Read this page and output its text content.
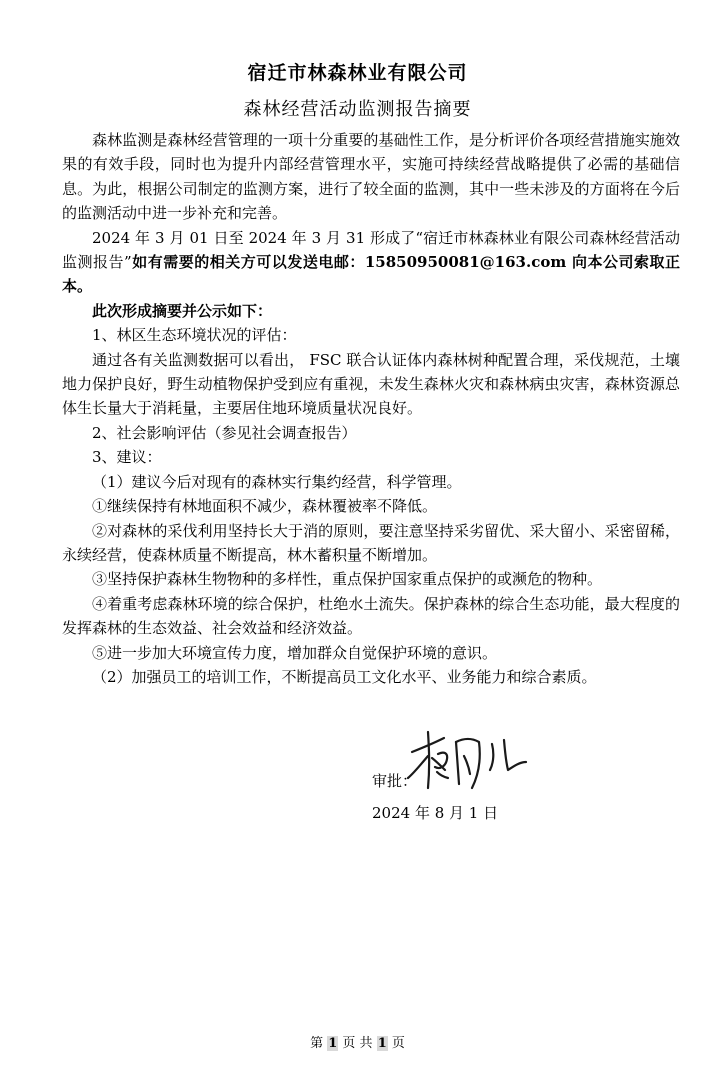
宿迁市林森林业有限公司
森林经营活动监测报告摘要

森林监测是森林经营管理的一项十分重要的基础性工作，是分析评价各项经营措施实施效果的有效手段，同时也为提升内部经营管理水平，实施可持续经营战略提供了必需的基础信息。为此，根据公司制定的监测方案，进行了较全面的监测，其中一些未涉及的方面将在今后的监测活动中进一步补充和完善。

2024 年 3 月 01 日至 2024 年 3 月 31 形成了“宿迁市林森林业有限公司森林经营活动监测报告”如有需要的相关方可以发送电邮：15850950081@163.com 向本公司索取正本。

此次形成摘要并公示如下：

1、林区生态环境状况的评估：

通过各有关监测数据可以看出， FSC 联合认证体内森林树种配置合理，采伐规范，土壤地力保护良好，野生动植物保护受到应有重视，未发生森林火灾和森林病虫灾害，森林资源总体生长量大于消耗量，主要居住地环境质量状况良好。

2、社会影响评估（参见社会调查报告）

3、建议：

（1）建议今后对现有的森林实行集约经营，科学管理。

①继续保持有林地面积不减少，森林覆被率不降低。

②对森林的采伐利用坚持长大于消的原则，要注意坚持采劣留优、采大留小、采密留稀，永续经营，使森林质量不断提高，林木蓄积量不断增加。

③坚持保护森林生物物种的多样性，重点保护国家重点保护的或濒危的物种。

④着重考虑森林环境的综合保护，杜绝水土流失。保护森林的综合生态功能，最大程度的发挥森林的生态效益、社会效益和经济效益。

⑤进一步加大环境宣传力度，增加群众自觉保护环境的意识。

（2）加强员工的培训工作，不断提高员工文化水平、业务能力和综合素质。

审批：
2024 年 8 月 1 日
第 1 页 共 1 页
